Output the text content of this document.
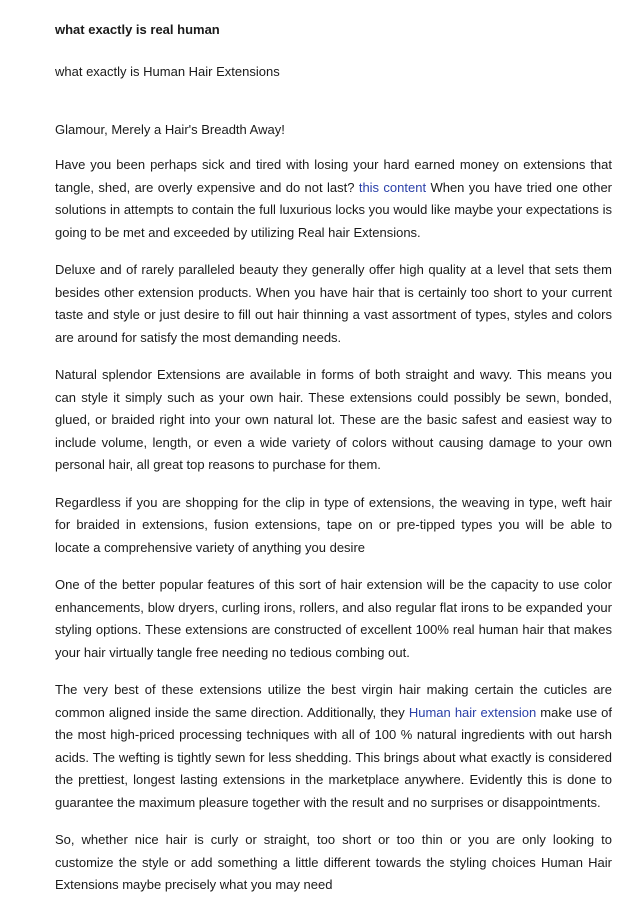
what exactly is real human

what exactly is Human Hair Extensions

Glamour, Merely a Hair's Breadth Away!

Have you been perhaps sick and tired with losing your hard earned money on extensions that tangle, shed, are overly expensive and do not last? this content When you have tried one other solutions in attempts to contain the full luxurious locks you would like maybe your expectations is going to be met and exceeded by utilizing Real hair Extensions.

Deluxe and of rarely paralleled beauty they generally offer high quality at a level that sets them besides other extension products. When you have hair that is certainly too short to your current taste and style or just desire to fill out hair thinning a vast assortment of types, styles and colors are around for satisfy the most demanding needs.

Natural splendor Extensions are available in forms of both straight and wavy. This means you can style it simply such as your own hair. These extensions could possibly be sewn, bonded, glued, or braided right into your own natural lot. These are the basic safest and easiest way to include volume, length, or even a wide variety of colors without causing damage to your own personal hair, all great top reasons to purchase for them.

Regardless if you are shopping for the clip in type of extensions, the weaving in type, weft hair for braided in extensions, fusion extensions, tape on or pre-tipped types you will be able to locate a comprehensive variety of anything you desire

One of the better popular features of this sort of hair extension will be the capacity to use color enhancements, blow dryers, curling irons, rollers, and also regular flat irons to be expanded your styling options. These extensions are constructed of excellent 100% real human hair that makes your hair virtually tangle free needing no tedious combing out.

The very best of these extensions utilize the best virgin hair making certain the cuticles are common aligned inside the same direction. Additionally, they Human hair extension make use of the most high-priced processing techniques with all of 100 % natural ingredients with out harsh acids. The wefting is tightly sewn for less shedding. This brings about what exactly is considered the prettiest, longest lasting extensions in the marketplace anywhere. Evidently this is done to guarantee the maximum pleasure together with the result and no surprises or disappointments.

So, whether nice hair is curly or straight, too short or too thin or you are only looking to customize the style or add something a little different towards the styling choices Human Hair Extensions maybe precisely what you may need
